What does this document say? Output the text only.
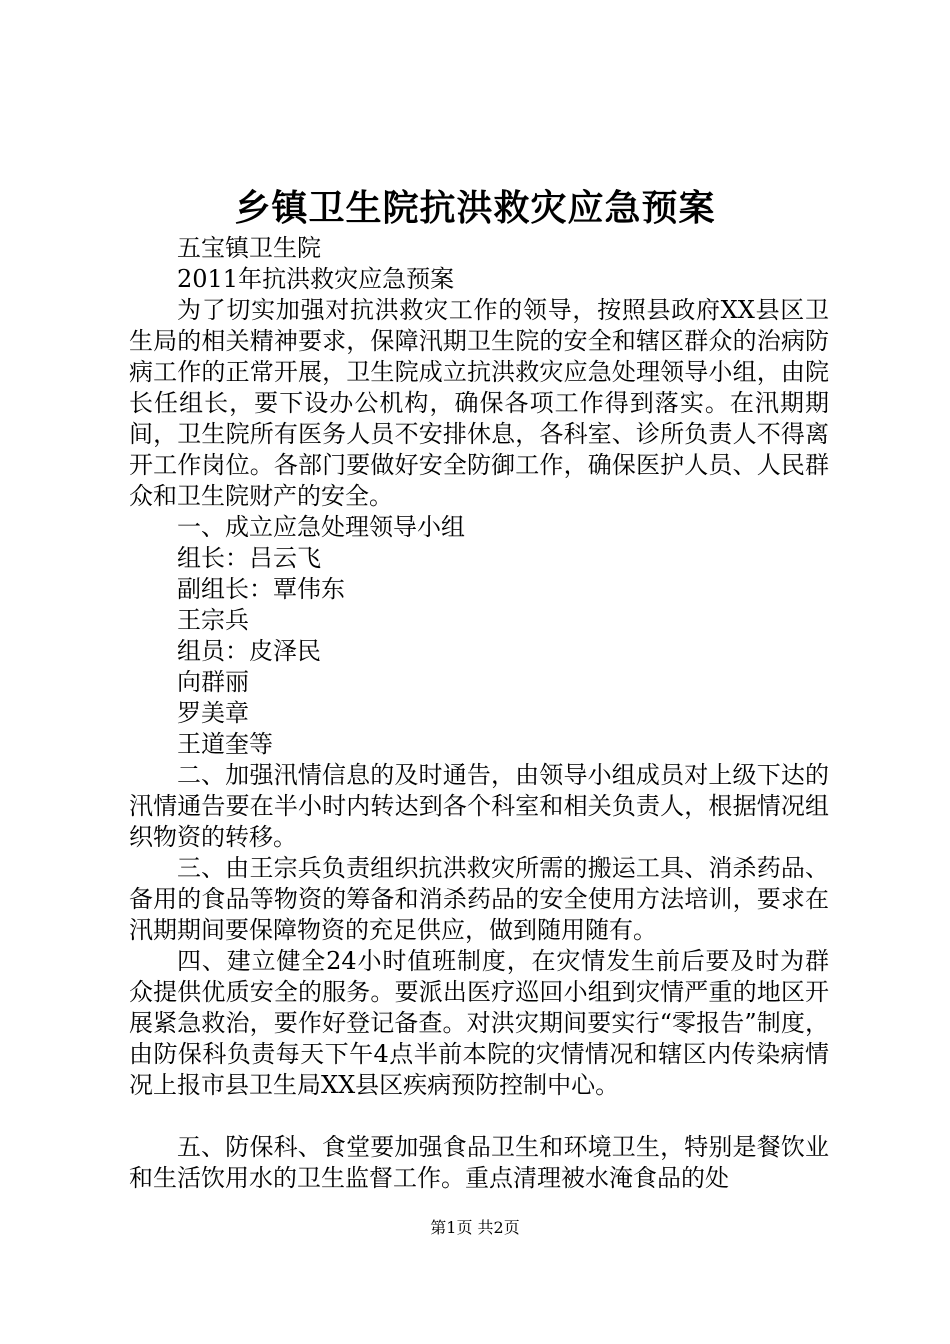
乡镇卫生院抗洪救灾应急预案

五宝镇卫生院

2011年抗洪救灾应急预案

为了切实加强对抗洪救灾工作的领导，按照县政府XX县区卫生局的相关精神要求，保障汛期卫生院的安全和辖区群众的治病防病工作的正常开展，卫生院成立抗洪救灾应急处理领导小组，由院长任组长，要下设办公机构，确保各项工作得到落实。在汛期期间，卫生院所有医务人员不安排休息，各科室、诊所负责人不得离开工作岗位。各部门要做好安全防御工作，确保医护人员、人民群众和卫生院财产的安全。

一、成立应急处理领导小组

组长：吕云飞

副组长：覃伟东

王宗兵

组员：皮泽民

向群丽

罗美章

王道奎等

二、加强汛情信息的及时通告，由领导小组成员对上级下达的汛情通告要在半小时内转达到各个科室和相关负责人，根据情况组织物资的转移。

三、由王宗兵负责组织抗洪救灾所需的搬运工具、消杀药品、备用的食品等物资的筹备和消杀药品的安全使用方法培训，要求在汛期期间要保障物资的充足供应，做到随用随有。

四、建立健全24小时值班制度，在灾情发生前后要及时为群众提供优质安全的服务。要派出医疗巡回小组到灾情严重的地区开展紧急救治，要作好登记备查。对洪灾期间要实行“零报告”制度，由防保科负责每天下午4点半前本院的灾情情况和辖区内传染病情况上报市县卫生局XX县区疾病预防控制中心。

五、防保科、食堂要加强食品卫生和环境卫生，特别是餐饮业和生活饮用水的卫生监督工作。重点清理被水淹食品的处

第1页 共2页
